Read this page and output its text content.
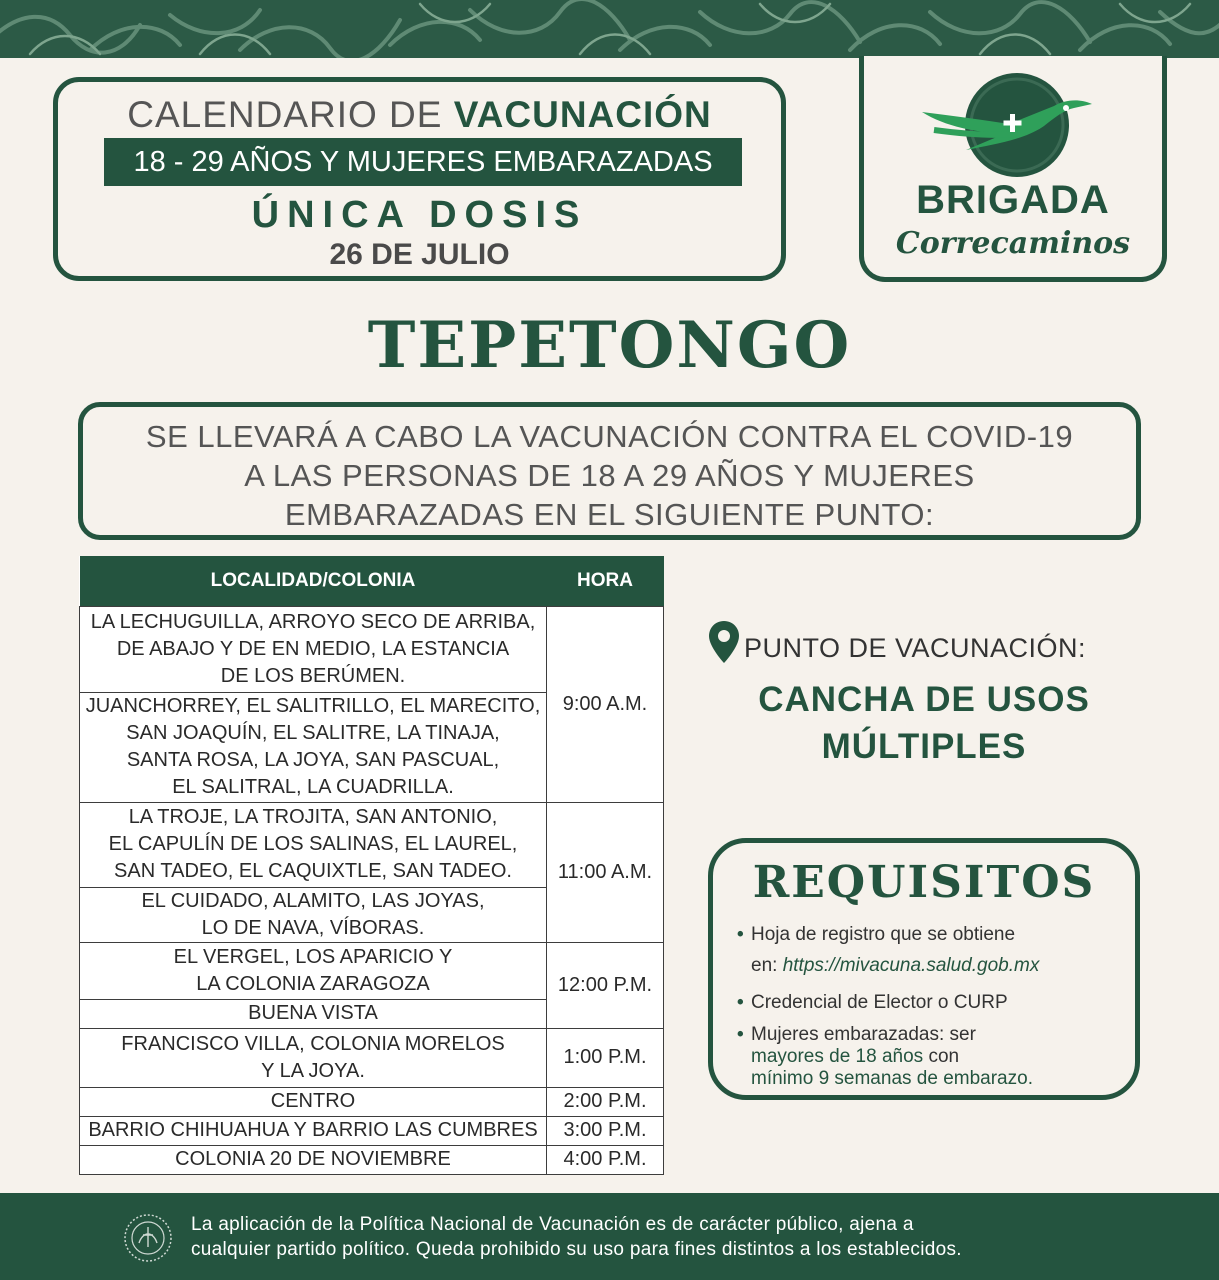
CALENDARIO DE VACUNACIÓN
18 - 29 AÑOS Y MUJERES EMBARAZADAS
ÚNICA DOSIS
26 DE JULIO
BRIGADA
Correcaminos
TEPETONGO
SE LLEVARÁ A CABO LA VACUNACIÓN CONTRA EL COVID-19
A LAS PERSONAS DE 18 A 29 AÑOS Y MUJERES
EMBARAZADAS EN EL SIGUIENTE PUNTO:
LOCALIDAD/COLONIA	HORA

LA LECHUGUILLA, ARROYO SECO DE ARRIBA,
DE ABAJO Y DE EN MEDIO, LA ESTANCIA
DE LOS BERÚMEN.	9:00 A.M.

JUANCHORREY, EL SALITRILLO, EL MARECITO,
SAN JOAQUÍN, EL SALITRE, LA TINAJA,
SANTA ROSA, LA JOYA, SAN PASCUAL,
EL SALITRAL, LA CUADRILLA.	

LA TROJE, LA TROJITA, SAN ANTONIO,
EL CAPULÍN DE LOS SALINAS, EL LAUREL,
SAN TADEO, EL CAQUIXTLE, SAN TADEO.	11:00 A.M.

EL CUIDADO, ALAMITO, LAS JOYAS,
LO DE NAVA, VÍBORAS.	

EL VERGEL, LOS APARICIO Y
LA COLONIA ZARAGOZA	12:00 P.M.

BUENA VISTA	

FRANCISCO VILLA, COLONIA MORELOS
Y LA JOYA.	1:00 P.M.

CENTRO	2:00 P.M.

BARRIO CHIHUAHUA Y BARRIO LAS CUMBRES	3:00 P.M.

COLONIA 20 DE NOVIEMBRE	4:00 P.M.
PUNTO DE VACUNACIÓN:
CANCHA DE USOS
MÚLTIPLES
REQUISITOS
• Hoja de registro que se obtiene
en: https://mivacuna.salud.gob.mx
• Credencial de Elector o CURP
• Mujeres embarazadas: ser
mayores de 18 años con
mínimo 9 semanas de embarazo.
La aplicación de la Política Nacional de Vacunación es de carácter público, ajena a
cualquier partido político. Queda prohibido su uso para fines distintos a los establecidos.
